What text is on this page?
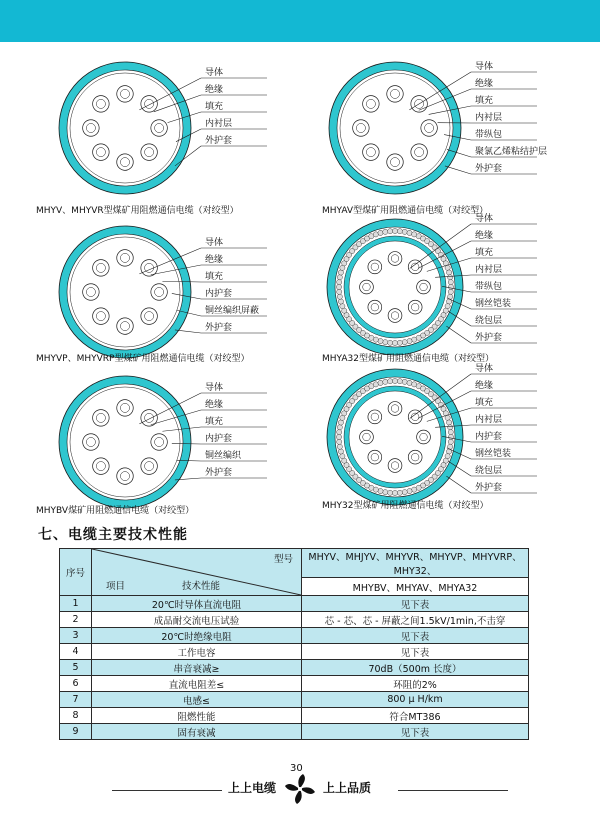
导体
绝缘
填充
内衬层
外护套
MHYV、MHYVR型煤矿用阻燃通信电缆（对绞型）
导体
绝缘
填充
内衬层
带纵包
聚氯乙烯粘结护层
外护套
MHYAV型煤矿用阻燃通信电缆（对绞型）
导体
绝缘
填充
内护套
铜丝编织屏蔽
外护套
MHYVP、MHYVRP型煤矿用阻燃通信电缆（对绞型）
导体
绝缘
填充
内衬层
带纵包
钢丝铠装
绕包层
外护套
MHYA32型煤矿用阻燃通信电缆（对绞型）
导体
绝缘
填充
内护套
铜丝编织
外护套
MHYBV煤矿用阻燃通信电缆（对绞型）
导体
绝缘
填充
内衬层
内护套
钢丝铠装
绕包层
外护套
MHY32型煤矿用阻燃通信电缆（对绞型）
七、电缆主要技术性能
序号	型号
项目 技术性能	MHYV、MHJYV、MHYVR、MHYVP、MHYVRP、MHY32、
		MHYBV、MHYAV、MHYA32
1	20℃时导体直流电阻	见下表
2	成品耐交流电压试验	芯 - 芯、芯 - 屏蔽之间1.5kV/1min,不击穿
3	20℃时绝缘电阻	见下表
4	工作电容	见下表
5	串音衰减≥	70dB（500m 长度）
6	直流电阻差≤	环阻的2%
7	电感≤	800 μ H/km
8	阻燃性能	符合MT386
9	固有衰减	见下表
30
上上电缆	上上品质
